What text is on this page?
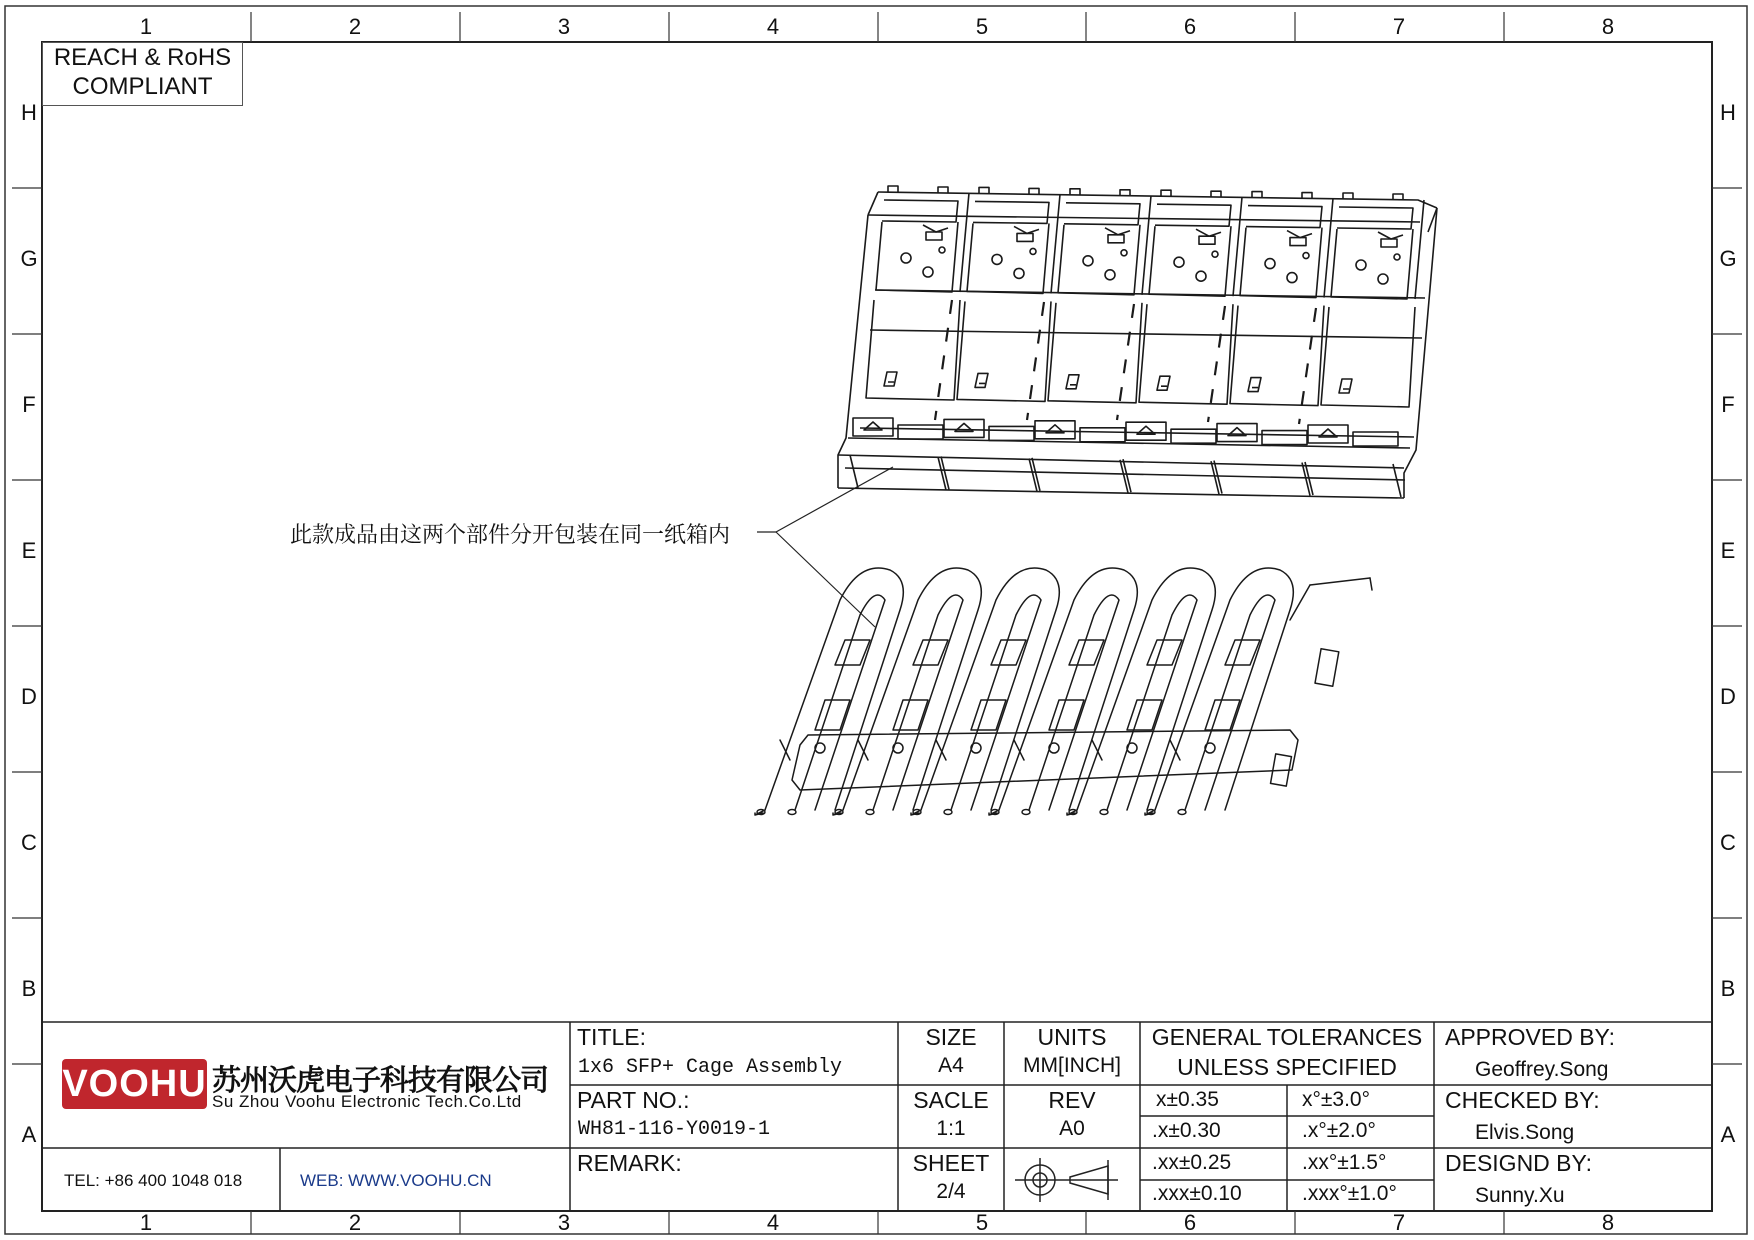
1	2	3	4	5	6	7	8
1	2	3	4	5	6	7	8
H
G
F
E
D
C
B
A
H
G
F
E
D
C
B
A
REACH & RoHS
COMPLIANT
此款成品由这两个部件分开包装在同一纸箱内
VOOHU 苏州沃虎电子科技有限公司
Su Zhou Voohu Electronic Tech.Co.Ltd
TEL: +86 400 1048 018	WEB: WWW.VOOHU.CN
TITLE:
1x6 SFP+ Cage Assembly
PART NO.:
WH81-116-Y0019-1
REMARK:
SIZE
A4
SACLE
1:1
SHEET
2/4
UNITS
MM[INCH]
REV
A0
GENERAL TOLERANCES
UNLESS SPECIFIED
x±0.35	x°±3.0°
.x±0.30	.x°±2.0°
.xx±0.25	.xx°±1.5°
.xxx±0.10	.xxx°±1.0°
APPROVED BY:
Geoffrey.Song
CHECKED BY:
Elvis.Song
DESIGND BY:
Sunny.Xu
